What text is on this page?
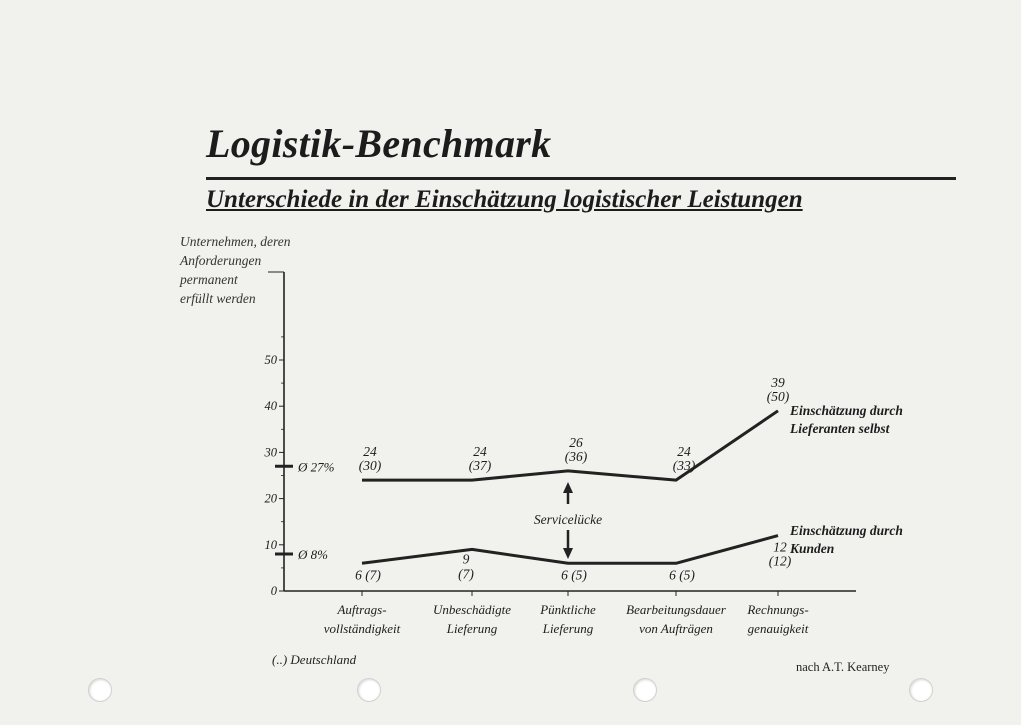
Logistik-Benchmark
Unterschiede in der Einschätzung logistischer Leistungen
Unternehmen, deren
Anforderungen
permanent
erfüllt werden
0
10
20
30
40
50
Auftrags-
vollständigkeit
Unbeschädigte
Lieferung
Pünktliche
Lieferung
Bearbeitungsdauer
von Aufträgen
Rechnungs-
genauigkeit
Ø 27%
Ø 8%
24
(30)
24
(37)
26
(36)	24
(33)
39
(50)
6 (7)
9
(7)	6 (5)	6 (5)
12
(12)
Einschätzung durch
Lieferanten selbst
Einschätzung durch
Kunden
Servicelücke
(..) Deutschland	nach A.T. Kearney
